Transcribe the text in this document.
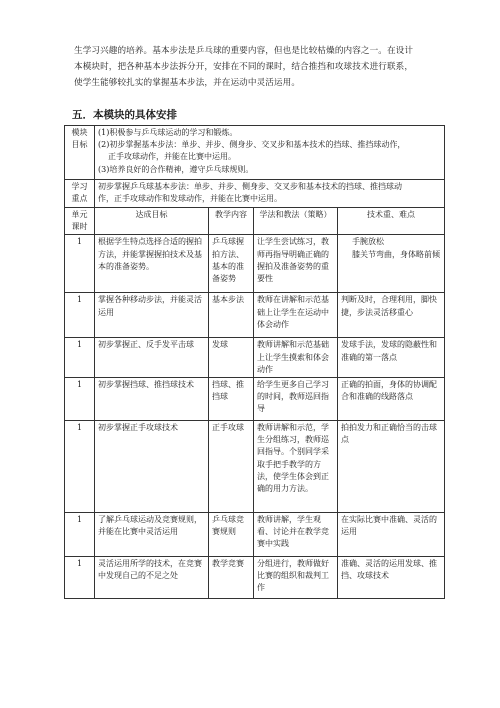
生学习兴趣的培养。基本步法是乒乓球的重要内容，但也是比较枯燥的内容之一。在设计
本模块时，把各种基本步法拆分开，安排在不同的课时，结合推挡和攻球技术进行联系，
使学生能够较扎实的掌握基本步法，并在运动中灵活运用。
五．本模块的具体安排
模块目标	(1)积极参与乒乓球运动的学习和锻炼。
(2)初步掌握基本步法：单步、并步、侧身步、交叉步和基本技术的挡球、推挡球动作，
正手攻球动作，并能在比赛中运用。
(3)培养良好的合作精神，遵守乒乓球规则。			

学习重点	初步掌握乒乓球基本步法：单步、并步、侧身步、交叉步和基本技术的挡球、推挡球动
作，正手攻球动作和发球动作，并能在比赛中运用。			

单元课时	达成目标	教学内容	学法和教法（策略）	技术重、难点
1	根据学生特点选择合适的握拍方法，并能掌握握拍技术及基本的准备姿势。	乒乓球握拍方法、基本的准备姿势	让学生尝试练习，教师再指导明确正确的握拍及准备姿势的重要性	手腕放松
膝关节弯曲，身体略前倾

1	掌握各种移动步法，并能灵活运用	基本步法	教师在讲解和示范基础上让学生在运动中体会动作	判断及时，合理利用，脚快捷，步法灵活移重心
1	初步掌握正、反手发平击球	发球	教师讲解和示范基础上让学生摸索和体会动作	发球手法，发球的隐蔽性和准确的第一落点
1	初步掌握挡球、推挡球技术	挡球、推挡球	给学生更多自己学习的时间，教师巡回指导	正确的拍面，身体的协调配合和准确的线路落点
1	初步掌握正手攻球技术	正手攻球	教师讲解和示范，学生分组练习，教师巡回指导。个别同学采取手把手教学的方法，使学生体会到正确的用力方法。	拍拍发力和正确恰当的击球点
1	了解乒乓球运动及竞赛规则，并能在比赛中灵活运用	乒乓球竞赛规则	教师讲解，学生观看、讨论并在教学竞赛中实践	在实际比赛中准确、灵活的运用
1	灵活运用所学的技术，在竞赛中发现自己的不足之处	教学竞赛	分组进行，教师做好比赛的组织和裁判工作	准确、灵活的运用发球、推挡、攻球技术
